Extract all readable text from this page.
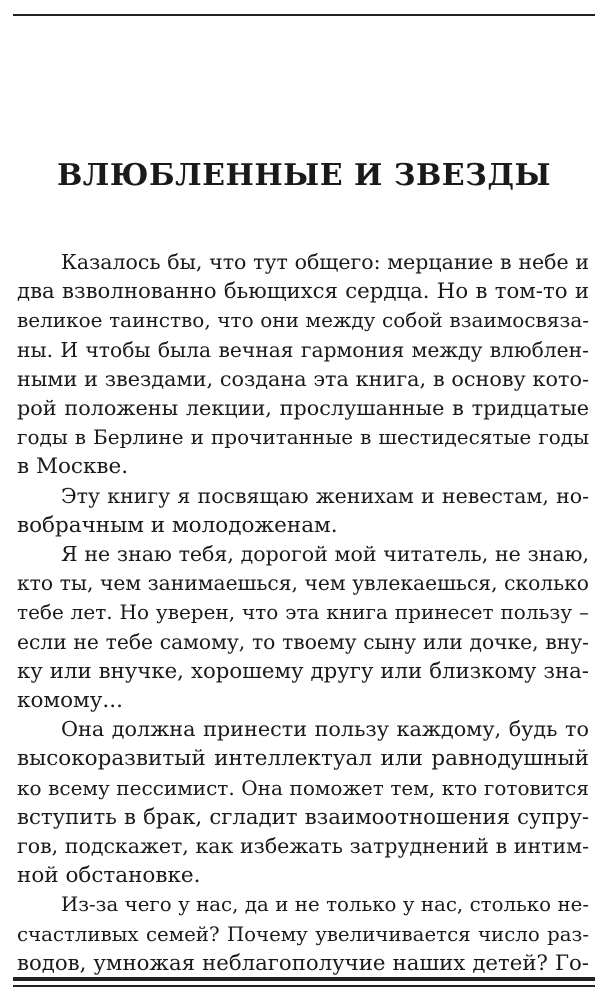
ВЛЮБЛЕННЫЕ И ЗВЕЗДЫ
Казалось бы, что тут общего: мерцание в небе и
два взволнованно бьющихся сердца. Но в том-то и
великое таинство, что они между собой взаимосвяза-
ны. И чтобы была вечная гармония между влюблен-
ными и звездами, создана эта книга, в основу кото-
рой положены лекции, прослушанные в тридцатые
годы в Берлине и прочитанные в шестидесятые годы
в Москве.
Эту книгу я посвящаю женихам и невестам, но-
вобрачным и молодоженам.
Я не знаю тебя, дорогой мой читатель, не знаю,
кто ты, чем занимаешься, чем увлекаешься, сколько
тебе лет. Но уверен, что эта книга принесет пользу –
если не тебе самому, то твоему сыну или дочке, вну-
ку или внучке, хорошему другу или близкому зна-
комому...
Она должна принести пользу каждому, будь то
высокоразвитый интеллектуал или равнодушный
ко всему пессимист. Она поможет тем, кто готовится
вступить в брак, сгладит взаимоотношения супру-
гов, подскажет, как избежать затруднений в интим-
ной обстановке.
Из-за чего у нас, да и не только у нас, столько не-
счастливых семей? Почему увеличивается число раз-
водов, умножая неблагополучие наших детей? Го-
